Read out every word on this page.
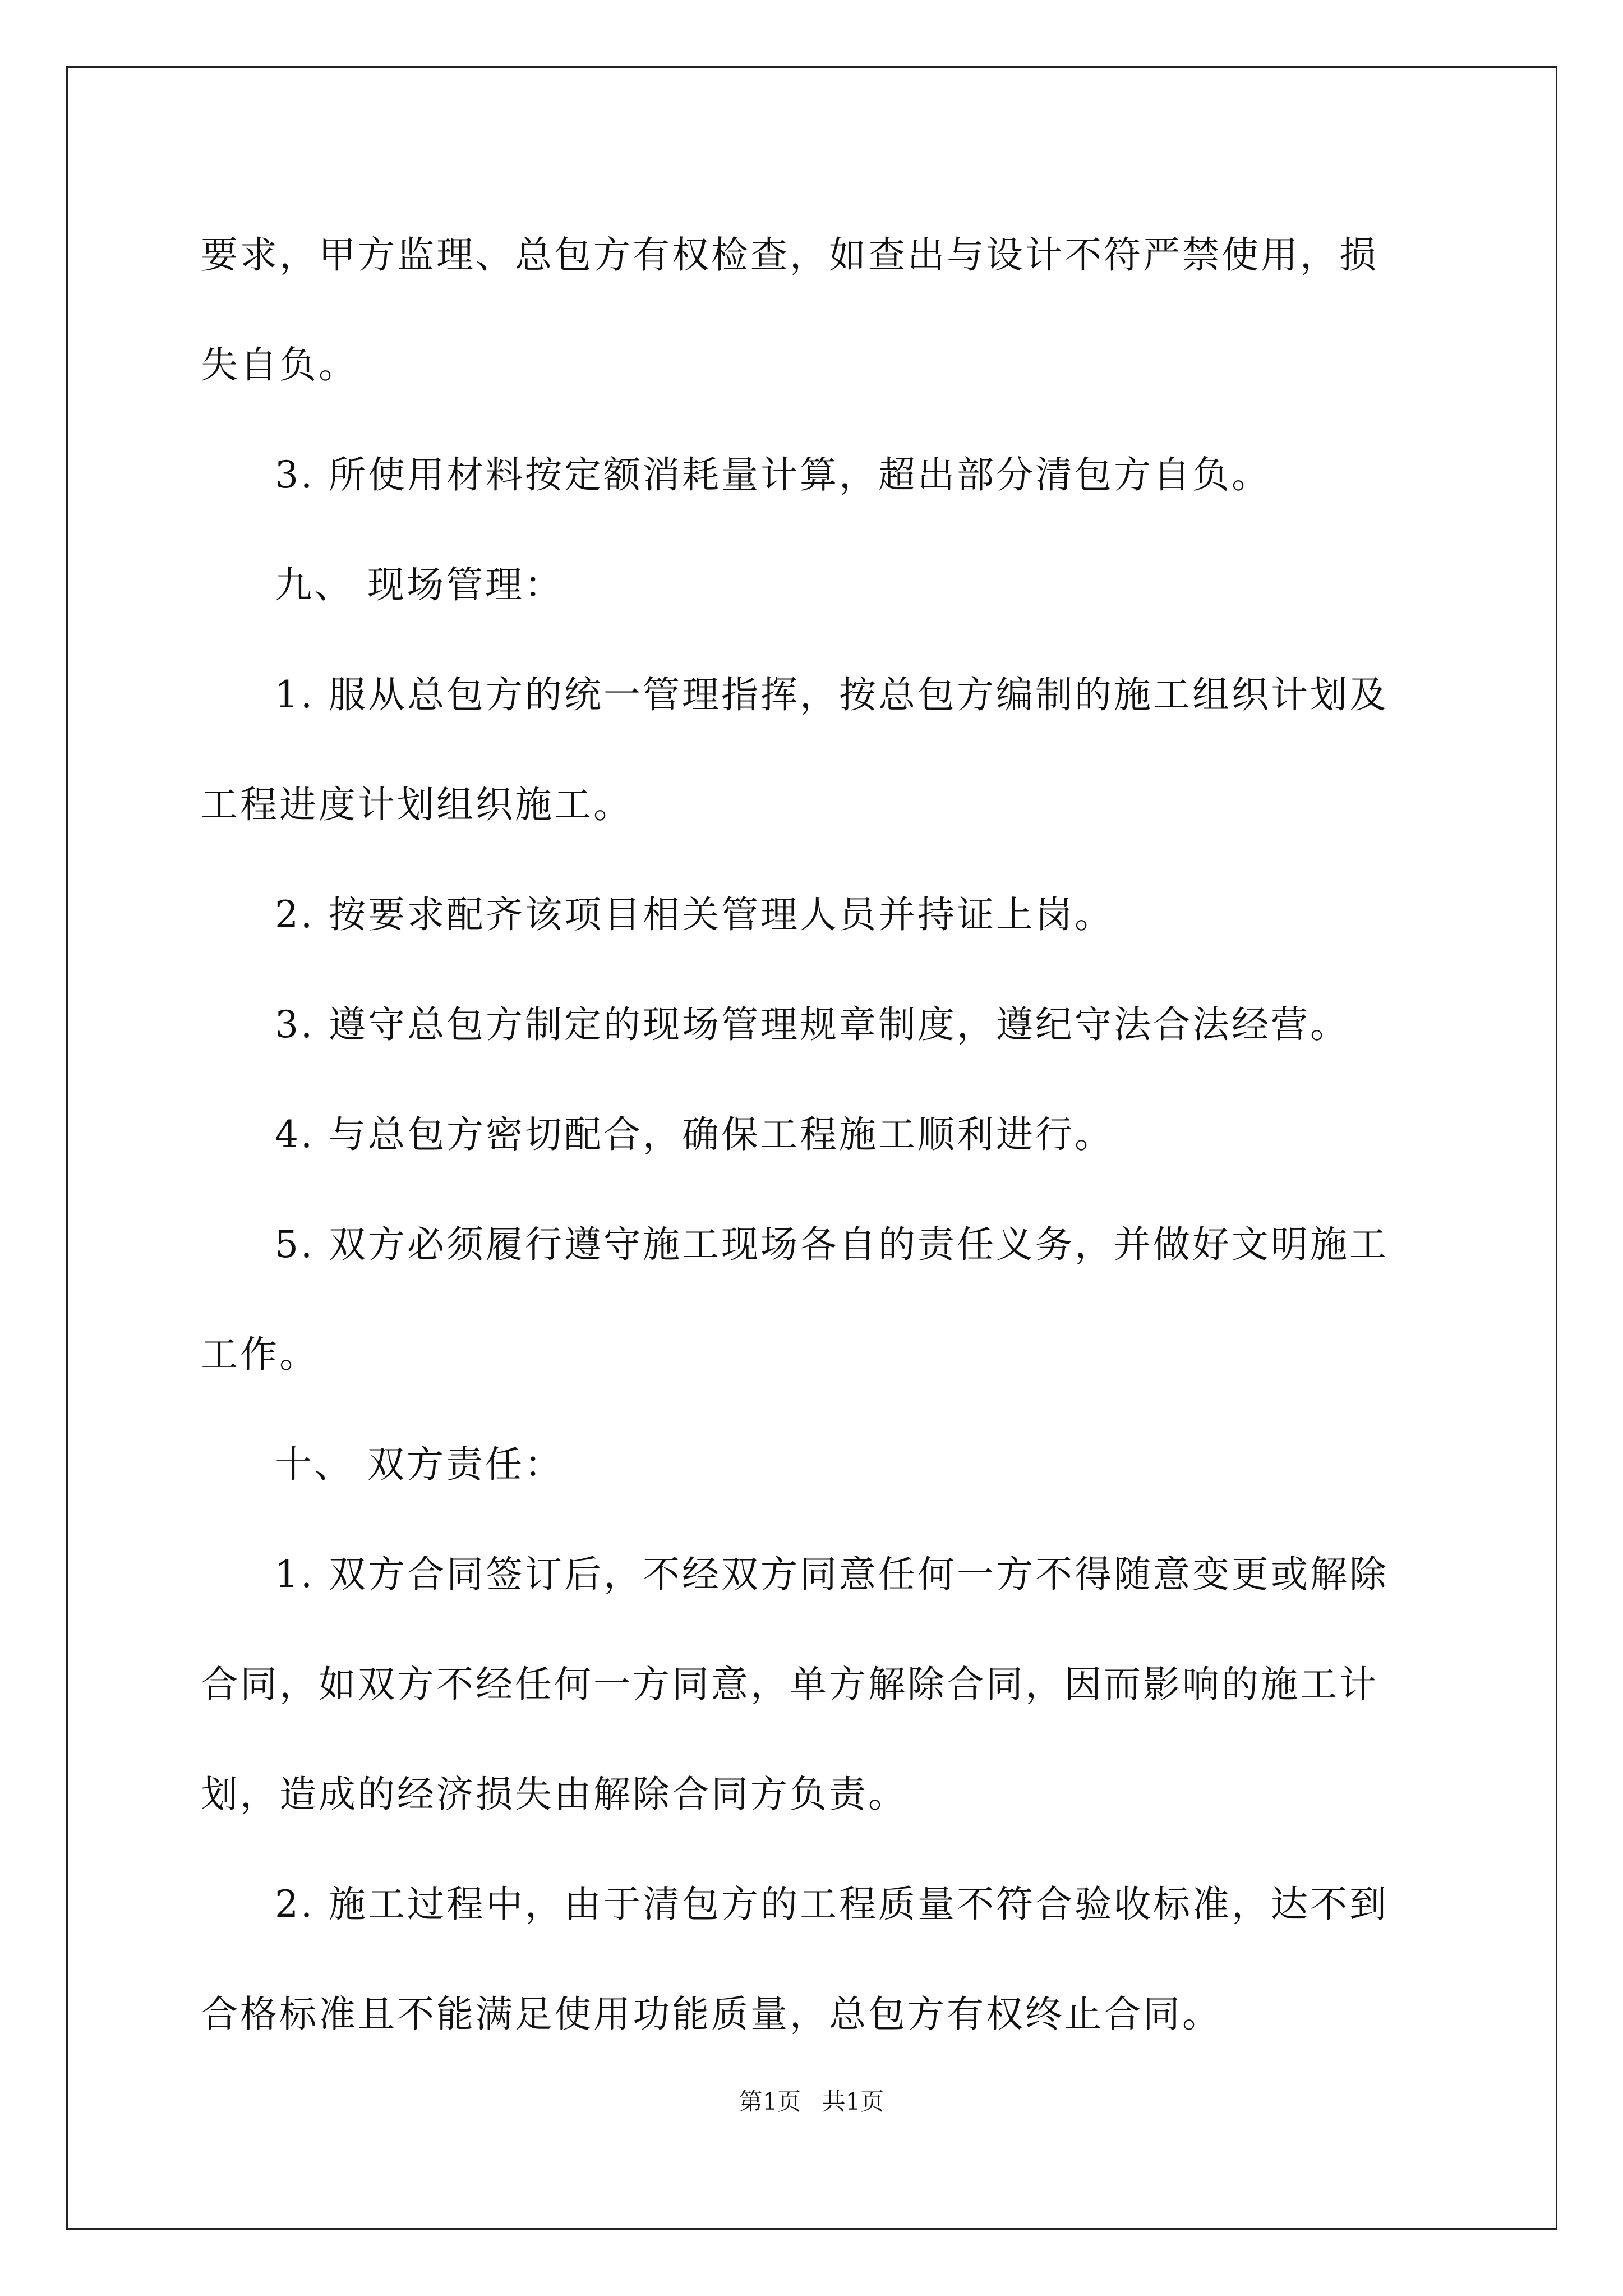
要求，甲方监理、总包方有权检查，如查出与设计不符严禁使用，损
失自负。
3. 所使用材料按定额消耗量计算，超出部分清包方自负。
九、 现场管理：
1. 服从总包方的统一管理指挥，按总包方编制的施工组织计划及
工程进度计划组织施工。
2. 按要求配齐该项目相关管理人员并持证上岗。
3. 遵守总包方制定的现场管理规章制度，遵纪守法合法经营。
4. 与总包方密切配合，确保工程施工顺利进行。
5. 双方必须履行遵守施工现场各自的责任义务，并做好文明施工
工作。
十、 双方责任：
1. 双方合同签订后，不经双方同意任何一方不得随意变更或解除
合同，如双方不经任何一方同意，单方解除合同，因而影响的施工计
划，造成的经济损失由解除合同方负责。
2. 施工过程中，由于清包方的工程质量不符合验收标准，达不到
合格标准且不能满足使用功能质量，总包方有权终止合同。
第1页 共1页
